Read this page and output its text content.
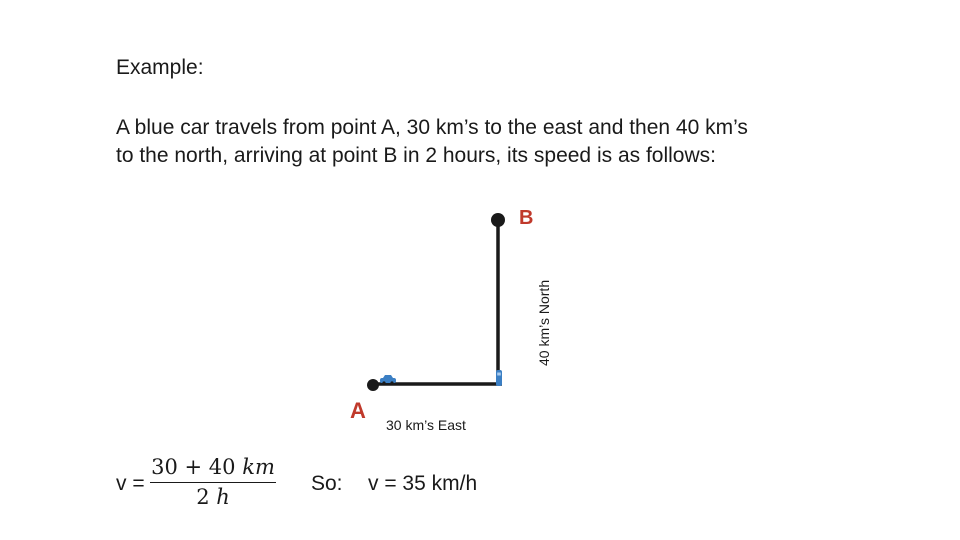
Example:
A blue car travels from point A, 30 km’s to the east and then 40 km’s to the north, arriving at point B in 2 hours, its speed is as follows:
A
B
30 km’s East
40 km’s North
$v = \frac{30 + 40 km}{2 h} So$: v = 35 km/h
